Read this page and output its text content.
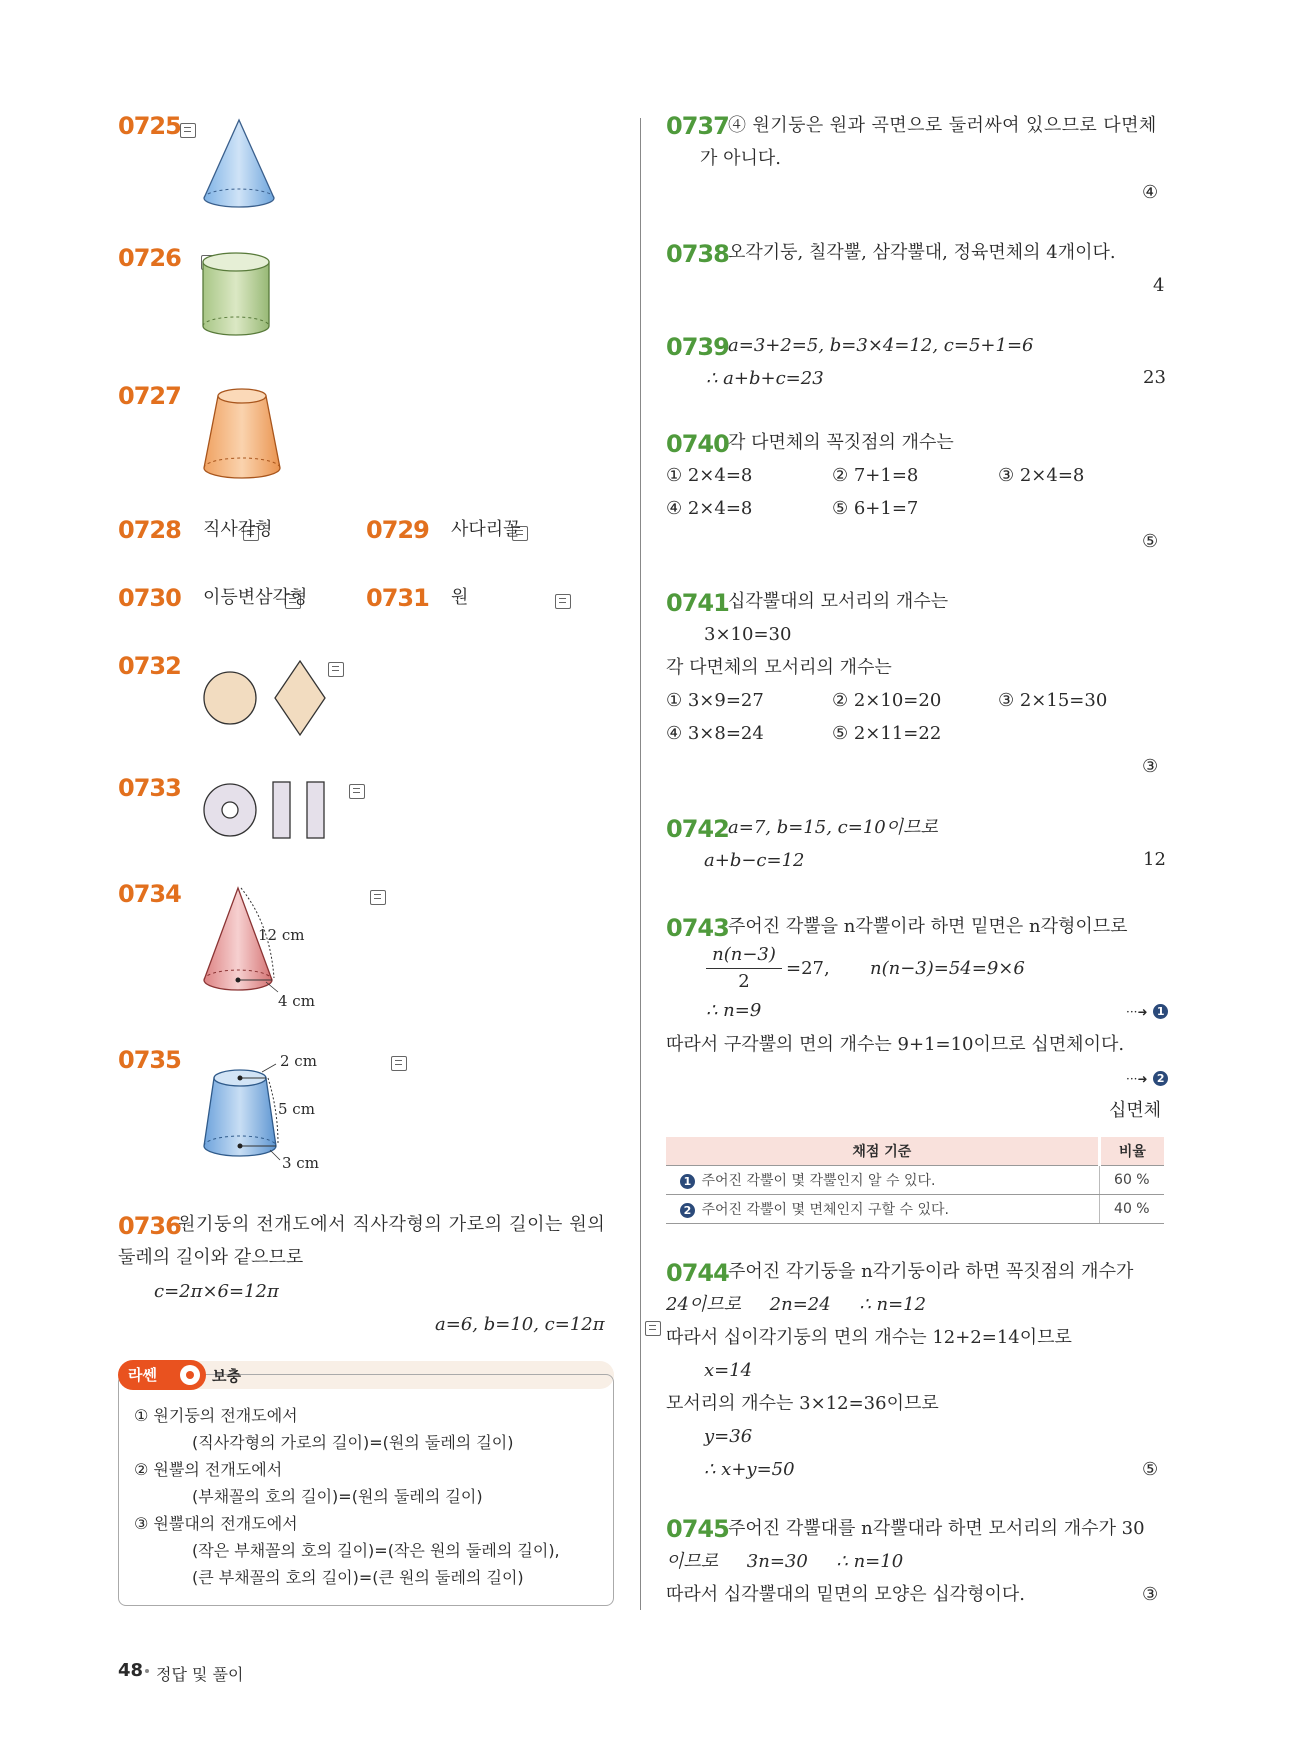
0725

0726

0727

0728
직사각형	0729
사다리꼴
0730
이등변삼각형 0731
원
0732

0733

0734

12 cm
4 cm
0735
	2 cm
5 cm
3 cm
0736
원기둥의 전개도에서 직사각형의 가로의 길이는 원의
둘레의 길이와 같으므로
c=2π×6=12π

a=6, b=10, c=12π
라쎈	보충
① 원기둥의 전개도에서
(직사각형의 가로의 길이)=(원의 둘레의 길이)
② 원뿔의 전개도에서
(부채꼴의 호의 길이)=(원의 둘레의 길이)
③ 원뿔대의 전개도에서
(작은 부채꼴의 호의 길이)=(작은 원의 둘레의 길이),
(큰 부채꼴의 호의 길이)=(큰 원의 둘레의 길이)
0737 ④ 원기둥은 원과 곡면으로 둘러싸여 있으므로 다면체
가 아니다.

④
0738 오각기둥, 칠각뿔, 삼각뿔대, 정육면체의 4개이다.

4
0739 a=3+2=5, b=3×4=12, c=5+1=6
∴ a+b+c=23
	23
0740 각 다면체의 꼭짓점의 개수는
① 2×4=8	② 7+1=8	③ 2×4=8
④ 2×4=8	⑤ 6+1=7

⑤
0741 십각뿔대의 모서리의 개수는
3×10=30
각 다면체의 모서리의 개수는
① 3×9=27	② 2×10=20	③ 2×15=30
④ 3×8=24	⑤ 2×11=22

③
0742 a=7, b=15, c=10이므로
a+b−c=12
	12
0743 주어진 각뿔을 n각뿔이라 하면 밑면은 n각형이므로
n(n−3)
2
=27, n(n−3)=54=9×6
∴ n=9	···➜ 1
따라서 구각뿔의 면의 개수는 9+1=10이므로 십면체이다.
···➜ 2

십면체
채점 기준	비율
1 주어진 각뿔이 몇 각뿔인지 알 수 있다.	60 %
2 주어진 각뿔이 몇 면체인지 구할 수 있다.	40 %
0744 주어진 각기둥을 n각기둥이라 하면 꼭짓점의 개수가
24이므로     2n=24     ∴ n=12
따라서 십이각기둥의 면의 개수는 12+2=14이므로
x=14
모서리의 개수는 3×12=36이므로
y=36
∴ x+y=50
	⑤
0745 주어진 각뿔대를 n각뿔대라 하면 모서리의 개수가 30
이므로     3n=30     ∴ n=10
따라서 십각뿔대의 밑면의 모양은 십각형이다.	③
48 정답 및 풀이
